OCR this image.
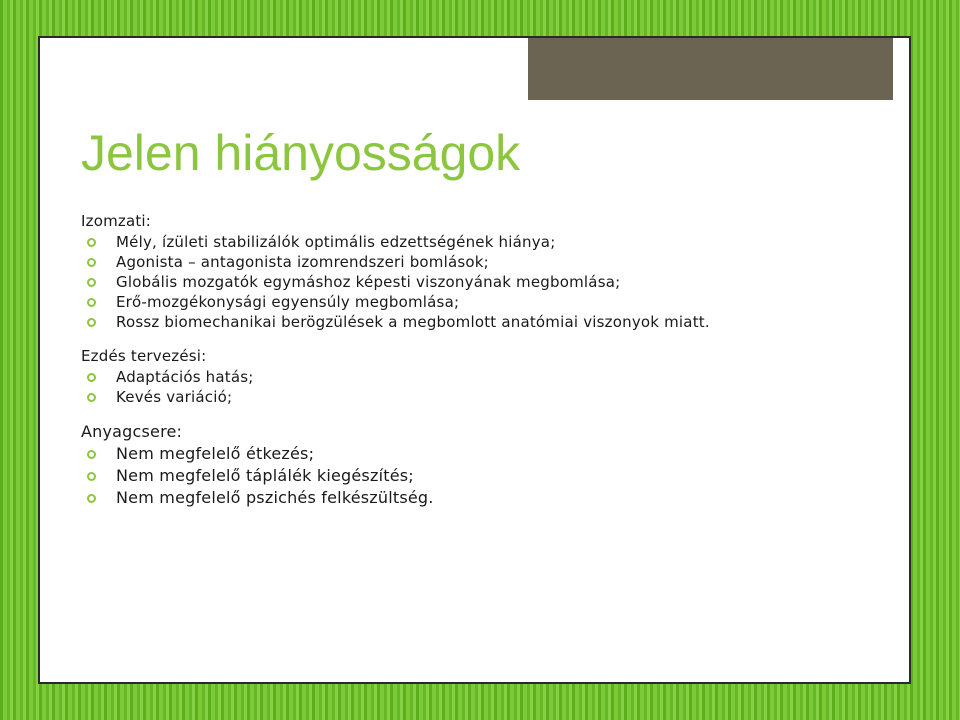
Jelen hiányosságok
Izomzati:
Mély, ízületi stabilizálók optimális edzettségének hiánya;
Agonista – antagonista izomrendszeri bomlások;
Globális mozgatók egymáshoz képesti viszonyának megbomlása;
Erő-mozgékonysági egyensúly megbomlása;
Rossz biomechanikai berögzülések a megbomlott anatómiai viszonyok miatt.
Ezdés tervezési:
Adaptációs hatás;
Kevés variáció;
Anyagcsere:
Nem megfelelő étkezés;
Nem megfelelő táplálék kiegészítés;
Nem megfelelő pszichés felkészültség.
